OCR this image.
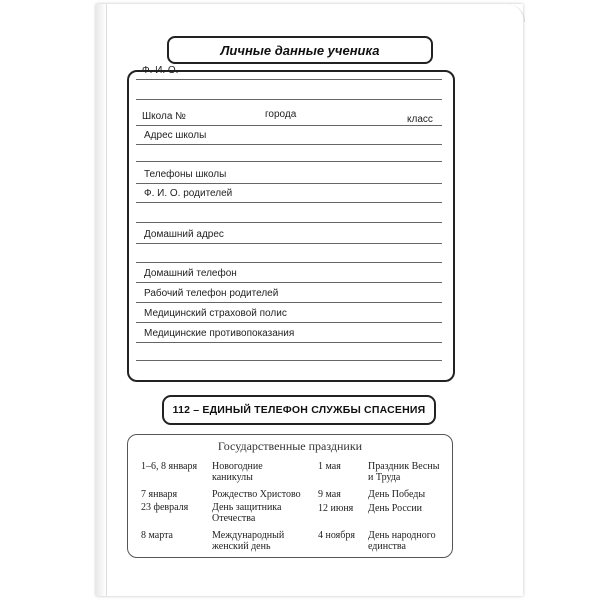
Личные данные ученика
Ф. И. О.
Школа №	города	класс
Адрес школы
Телефоны школы
Ф. И. О. родителей
Домашний адрес
Домашний телефон
Рабочий телефон родителей
Медицинский страховой полис
Медицинские противопоказания
112 – ЕДИНЫЙ ТЕЛЕФОН СЛУЖБЫ СПАСЕНИЯ
Государственные праздники
1–6, 8 января Новогодние каникулы
7 января	Рождество Христово
23 февраля День защитника Отечества
8 марта	Международный женский день
1 мая	Праздник Весны и Труда
9 мая	День Победы
12 июня День России
4 ноября День народного единства
